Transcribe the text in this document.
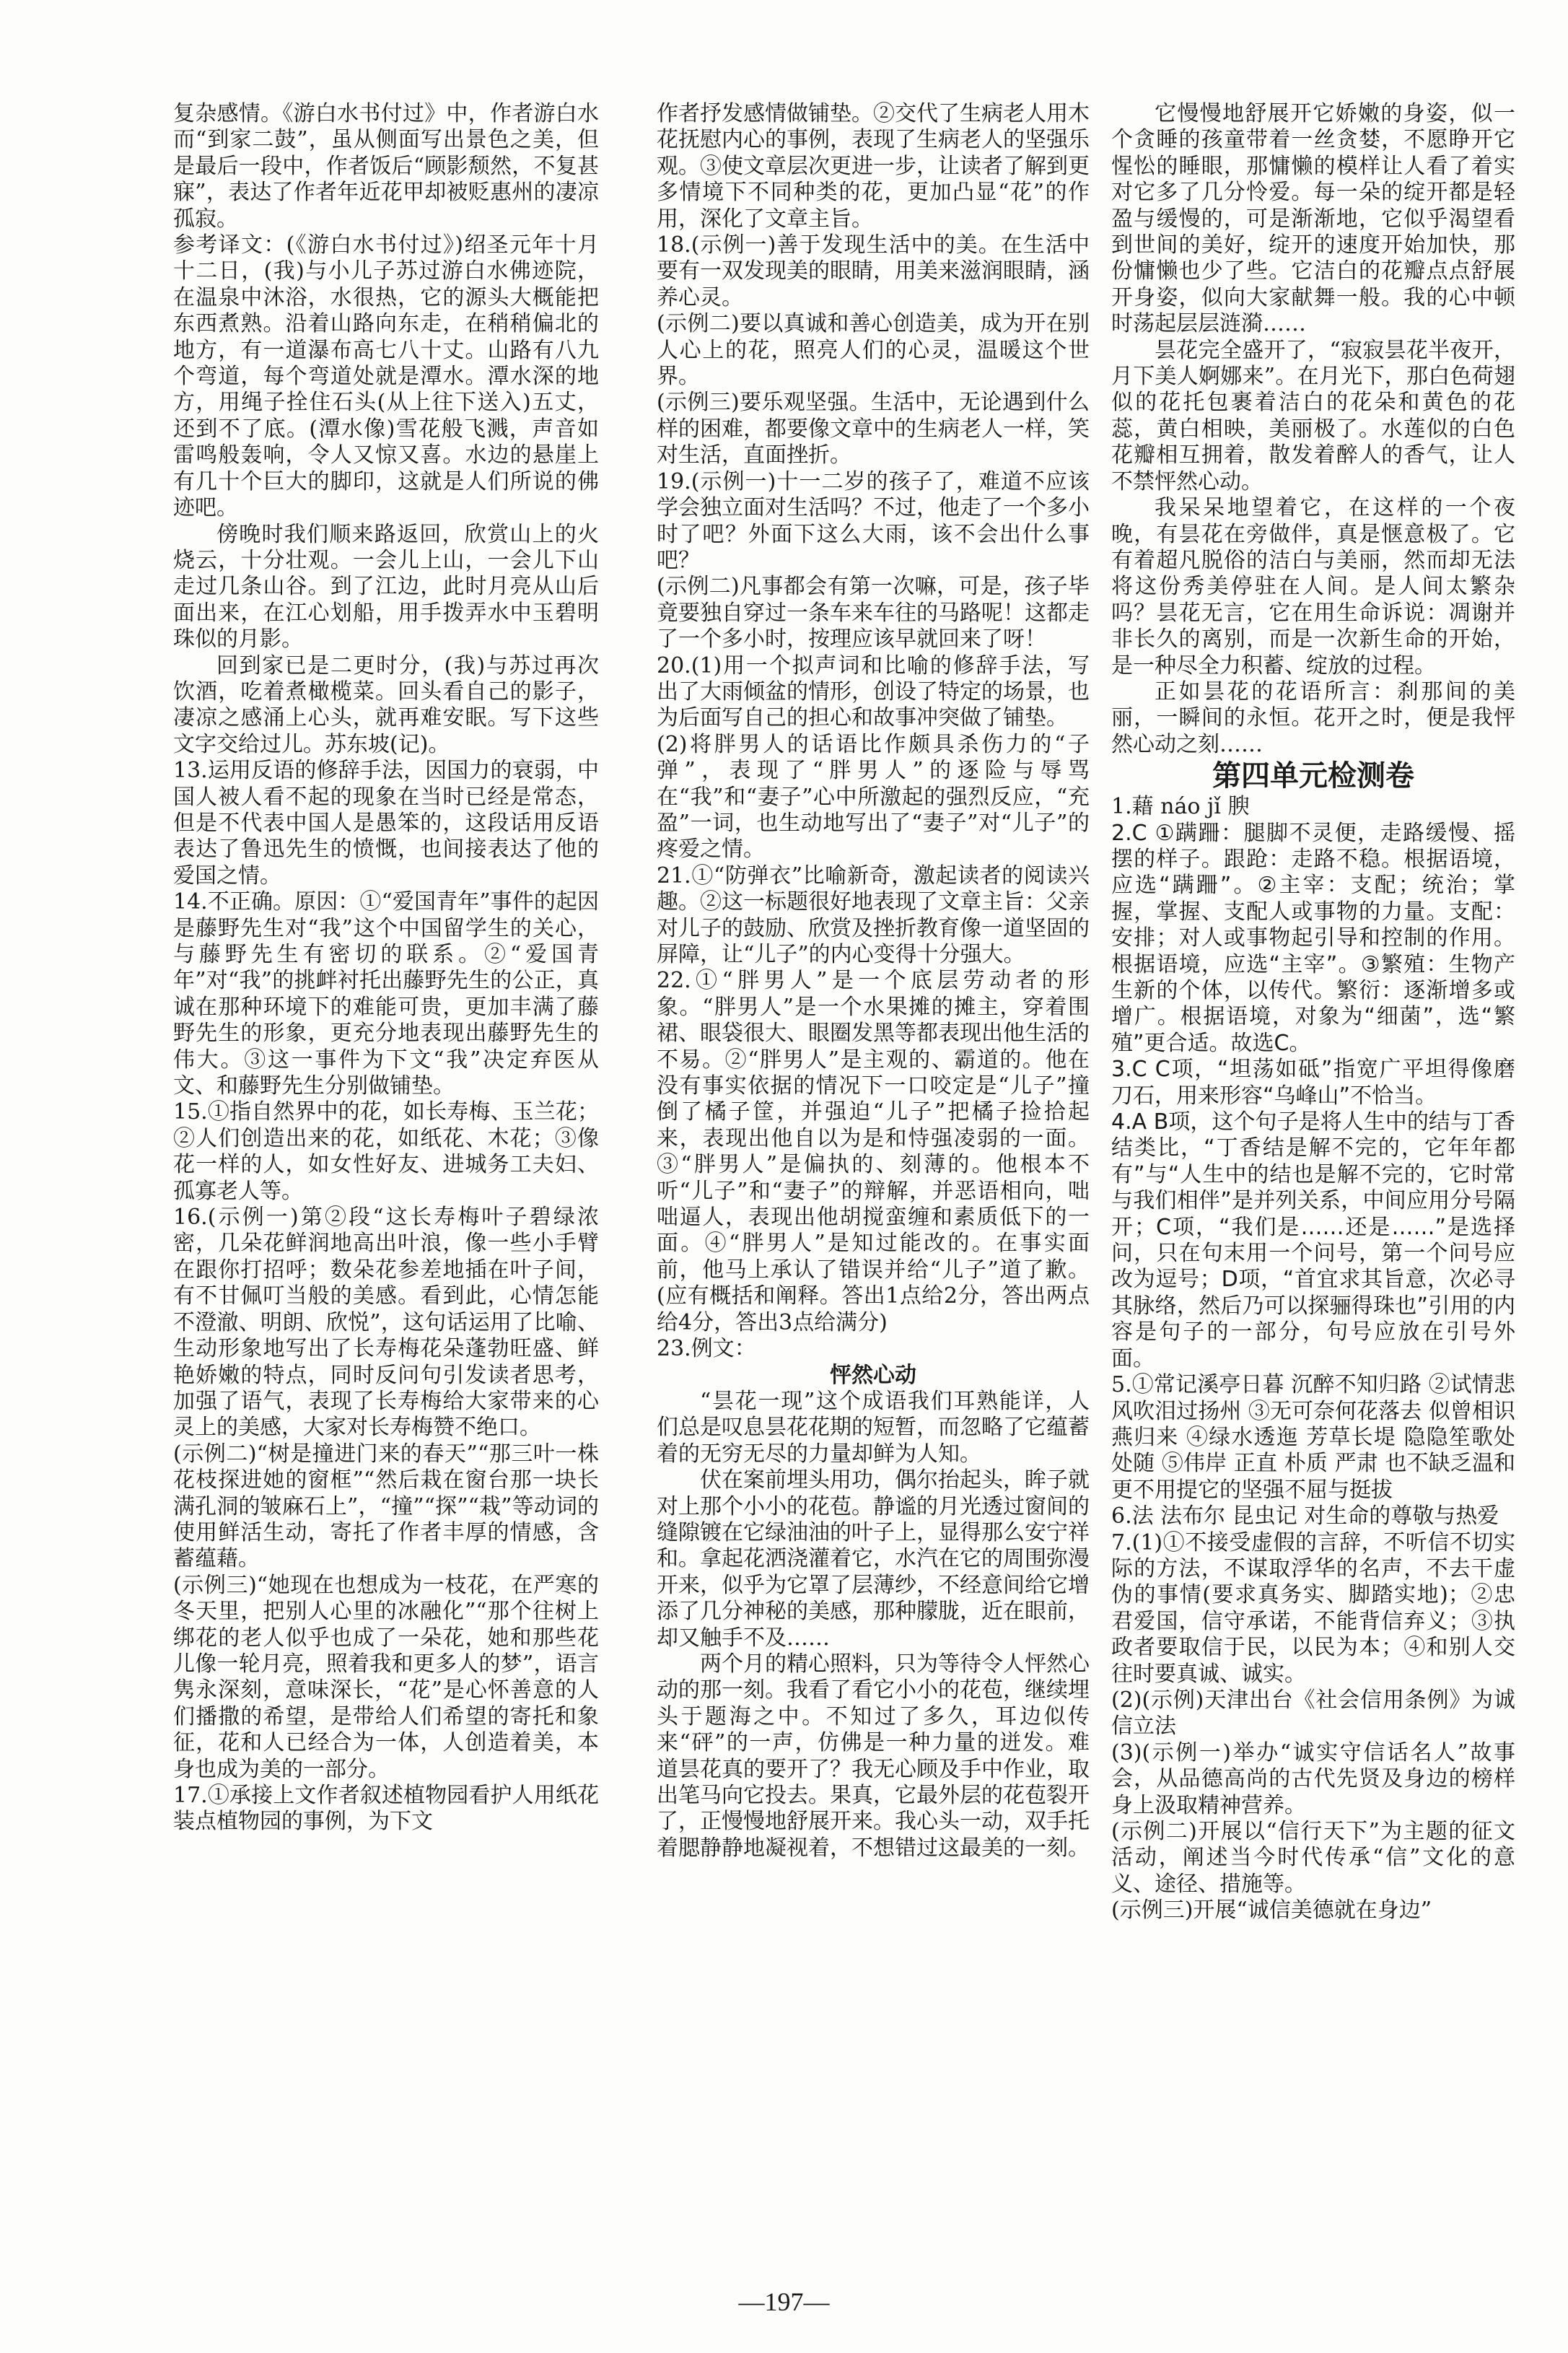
复杂感情。《游白水书付过》中，作者游白水而“到家二鼓”，虽从侧面写出景色之美，但是最后一段中，作者饭后“顾影颓然，不复甚寐”，表达了作者年近花甲却被贬惠州的凄凉孤寂。

参考译文：(《游白水书付过》)绍圣元年十月十二日，(我)与小儿子苏过游白水佛迹院，在温泉中沐浴，水很热，它的源头大概能把东西煮熟。沿着山路向东走，在稍稍偏北的地方，有一道瀑布高七八十丈。山路有八九个弯道，每个弯道处就是潭水。潭水深的地方，用绳子拴住石头(从上往下送入)五丈，还到不了底。(潭水像)雪花般飞溅，声音如雷鸣般轰响，令人又惊又喜。水边的悬崖上有几十个巨大的脚印，这就是人们所说的佛迹吧。

傍晚时我们顺来路返回，欣赏山上的火烧云，十分壮观。一会儿上山，一会儿下山走过几条山谷。到了江边，此时月亮从山后面出来，在江心划船，用手拨弄水中玉碧明珠似的月影。

回到家已是二更时分，(我)与苏过再次饮酒，吃着煮橄榄菜。回头看自己的影子，凄凉之感涌上心头，就再难安眠。写下这些文字交给过儿。苏东坡(记)。

13.运用反语的修辞手法，因国力的衰弱，中国人被人看不起的现象在当时已经是常态，但是不代表中国人是愚笨的，这段话用反语表达了鲁迅先生的愤慨，也间接表达了他的爱国之情。

14.不正确。原因：①“爱国青年”事件的起因是藤野先生对“我”这个中国留学生的关心，与藤野先生有密切的联系。②“爱国青年”对“我”的挑衅衬托出藤野先生的公正，真诚在那种环境下的难能可贵，更加丰满了藤野先生的形象，更充分地表现出藤野先生的伟大。③这一事件为下文“我”决定弃医从文、和藤野先生分别做铺垫。

15.①指自然界中的花，如长寿梅、玉兰花；②人们创造出来的花，如纸花、木花；③像花一样的人，如女性好友、进城务工夫妇、孤寡老人等。

16.(示例一)第②段“这长寿梅叶子碧绿浓密，几朵花鲜润地高出叶浪，像一些小手臂在跟你打招呼；数朵花参差地插在叶子间，有不甘佩叮当般的美感。看到此，心情怎能不澄澈、明朗、欣悦”，这句话运用了比喻、生动形象地写出了长寿梅花朵蓬勃旺盛、鲜艳娇嫩的特点，同时反问句引发读者思考，加强了语气，表现了长寿梅给大家带来的心灵上的美感，大家对长寿梅赞不绝口。

(示例二)“树是撞进门来的春天”“那三叶一株花枝探进她的窗框”“然后栽在窗台那一块长满孔洞的皱麻石上”，“撞”“探”“栽”等动词的使用鲜活生动，寄托了作者丰厚的情感，含蓄蕴藉。

(示例三)“她现在也想成为一枝花，在严寒的冬天里，把别人心里的冰融化”“那个往树上绑花的老人似乎也成了一朵花，她和那些花儿像一轮月亮，照着我和更多人的梦”，语言隽永深刻，意味深长，“花”是心怀善意的人们播撒的希望，是带给人们希望的寄托和象征，花和人已经合为一体，人创造着美，本身也成为美的一部分。

17.①承接上文作者叙述植物园看护人用纸花装点植物园的事例，为下文

作者抒发感情做铺垫。②交代了生病老人用木花抚慰内心的事例，表现了生病老人的坚强乐观。③使文章层次更进一步，让读者了解到更多情境下不同种类的花，更加凸显“花”的作用，深化了文章主旨。

18.(示例一)善于发现生活中的美。在生活中要有一双发现美的眼睛，用美来滋润眼睛，涵养心灵。

(示例二)要以真诚和善心创造美，成为开在别人心上的花，照亮人们的心灵，温暖这个世界。

(示例三)要乐观坚强。生活中，无论遇到什么样的困难，都要像文章中的生病老人一样，笑对生活，直面挫折。

19.(示例一)十一二岁的孩子了，难道不应该学会独立面对生活吗？不过，他走了一个多小时了吧？外面下这么大雨，该不会出什么事吧？

(示例二)凡事都会有第一次嘛，可是，孩子毕竟要独自穿过一条车来车往的马路呢！这都走了一个多小时，按理应该早就回来了呀！

20.(1)用一个拟声词和比喻的修辞手法，写出了大雨倾盆的情形，创设了特定的场景，也为后面写自己的担心和故事冲突做了铺垫。

(2)将胖男人的话语比作颇具杀伤力的“子弹”，表现了“胖男人”的逐险与辱骂在“我”和“妻子”心中所激起的强烈反应，“充盈”一词，也生动地写出了“妻子”对“儿子”的疼爱之情。

21.①“防弹衣”比喻新奇，激起读者的阅读兴趣。②这一标题很好地表现了文章主旨：父亲对儿子的鼓励、欣赏及挫折教育像一道坚固的屏障，让“儿子”的内心变得十分强大。

22.①“胖男人”是一个底层劳动者的形象。“胖男人”是一个水果摊的摊主，穿着围裙、眼袋很大、眼圈发黑等都表现出他生活的不易。②“胖男人”是主观的、霸道的。他在没有事实依据的情况下一口咬定是“儿子”撞倒了橘子筐，并强迫“儿子”把橘子捡拾起来，表现出他自以为是和恃强凌弱的一面。③“胖男人”是偏执的、刻薄的。他根本不听“儿子”和“妻子”的辩解，并恶语相向，咄咄逼人，表现出他胡搅蛮缠和素质低下的一面。④“胖男人”是知过能改的。在事实面前，他马上承认了错误并给“儿子”道了歉。(应有概括和阐释。答出1点给2分，答出两点给4分，答出3点给满分)

23.例文：

怦然心动

“昙花一现”这个成语我们耳熟能详，人们总是叹息昙花花期的短暂，而忽略了它蕴蓄着的无穷无尽的力量却鲜为人知。

伏在案前埋头用功，偶尔抬起头，眸子就对上那个小小的花苞。静谧的月光透过窗间的缝隙镀在它绿油油的叶子上，显得那么安宁祥和。拿起花洒浇灌着它，水汽在它的周围弥漫开来，似乎为它罩了层薄纱，不经意间给它增添了几分神秘的美感，那种朦胧，近在眼前，却又触手不及……

两个月的精心照料，只为等待令人怦然心动的那一刻。我看了看它小小的花苞，继续埋头于题海之中。不知过了多久，耳边似传来“砰”的一声，仿佛是一种力量的迸发。难道昙花真的要开了？我无心顾及手中作业，取出笔马向它投去。果真，它最外层的花苞裂开了，正慢慢地舒展开来。我心头一动，双手托着腮静静地凝视着，不想错过这最美的一刻。

它慢慢地舒展开它娇嫩的身姿，似一个贪睡的孩童带着一丝贪婪，不愿睁开它惺忪的睡眼，那慵懒的模样让人看了着实对它多了几分怜爱。每一朵的绽开都是轻盈与缓慢的，可是渐渐地，它似乎渴望看到世间的美好，绽开的速度开始加快，那份慵懒也少了些。它洁白的花瓣点点舒展开身姿，似向大家献舞一般。我的心中顿时荡起层层涟漪……

昙花完全盛开了，“寂寂昙花半夜开，月下美人婀娜来”。在月光下，那白色荷翅似的花托包裹着洁白的花朵和黄色的花蕊，黄白相映，美丽极了。水莲似的白色花瓣相互拥着，散发着醉人的香气，让人不禁怦然心动。

我呆呆地望着它，在这样的一个夜晚，有昙花在旁做伴，真是惬意极了。它有着超凡脱俗的洁白与美丽，然而却无法将这份秀美停驻在人间。是人间太繁杂吗？昙花无言，它在用生命诉说：凋谢并非长久的离别，而是一次新生命的开始，是一种尽全力积蓄、绽放的过程。

正如昙花的花语所言：刹那间的美丽，一瞬间的永恒。花开之时，便是我怦然心动之刻……

第四单元检测卷

1.藉 náo jǐ 腴

2.C ①蹒跚：腿脚不灵便，走路缓慢、摇摆的样子。跟跄：走路不稳。根据语境，应选“蹒跚”。②主宰：支配；统治；掌握，掌握、支配人或事物的力量。支配：安排；对人或事物起引导和控制的作用。根据语境，应选“主宰”。③繁殖：生物产生新的个体，以传代。繁衍：逐渐增多或增广。根据语境，对象为“细菌”，选“繁殖”更合适。故选C。

3.C C项，“坦荡如砥”指宽广平坦得像磨刀石，用来形容“乌峰山”不恰当。

4.A B项，这个句子是将人生中的结与丁香结类比，“丁香结是解不完的，它年年都有”与“人生中的结也是解不完的，它时常与我们相伴”是并列关系，中间应用分号隔开；C项，“我们是……还是……”是选择问，只在句末用一个问号，第一个问号应改为逗号；D项，“首宜求其旨意，次必寻其脉络，然后乃可以探骊得珠也”引用的内容是句子的一部分，句号应放在引号外面。

5.①常记溪亭日暮 沉醉不知归路 ②试情悲风吹泪过扬州 ③无可奈何花落去 似曾相识燕归来 ④绿水透迤 芳草长堤 隐隐笙歌处处随 ⑤伟岸 正直 朴质 严肃 也不缺乏温和 更不用提它的坚强不屈与挺拔

6.法 法布尔 昆虫记 对生命的尊敬与热爱

7.(1)①不接受虚假的言辞，不听信不切实际的方法，不谋取浮华的名声，不去干虚伪的事情(要求真务实、脚踏实地)；②忠君爱国，信守承诺，不能背信弃义；③执政者要取信于民，以民为本；④和别人交往时要真诚、诚实。

(2)(示例)天津出台《社会信用条例》为诚信立法

(3)(示例一)举办“诚实守信话名人”故事会，从品德高尚的古代先贤及身边的榜样身上汲取精神营养。

(示例二)开展以“信行天下”为主题的征文活动，阐述当今时代传承“信”文化的意义、途径、措施等。

(示例三)开展“诚信美德就在身边”

—197—
